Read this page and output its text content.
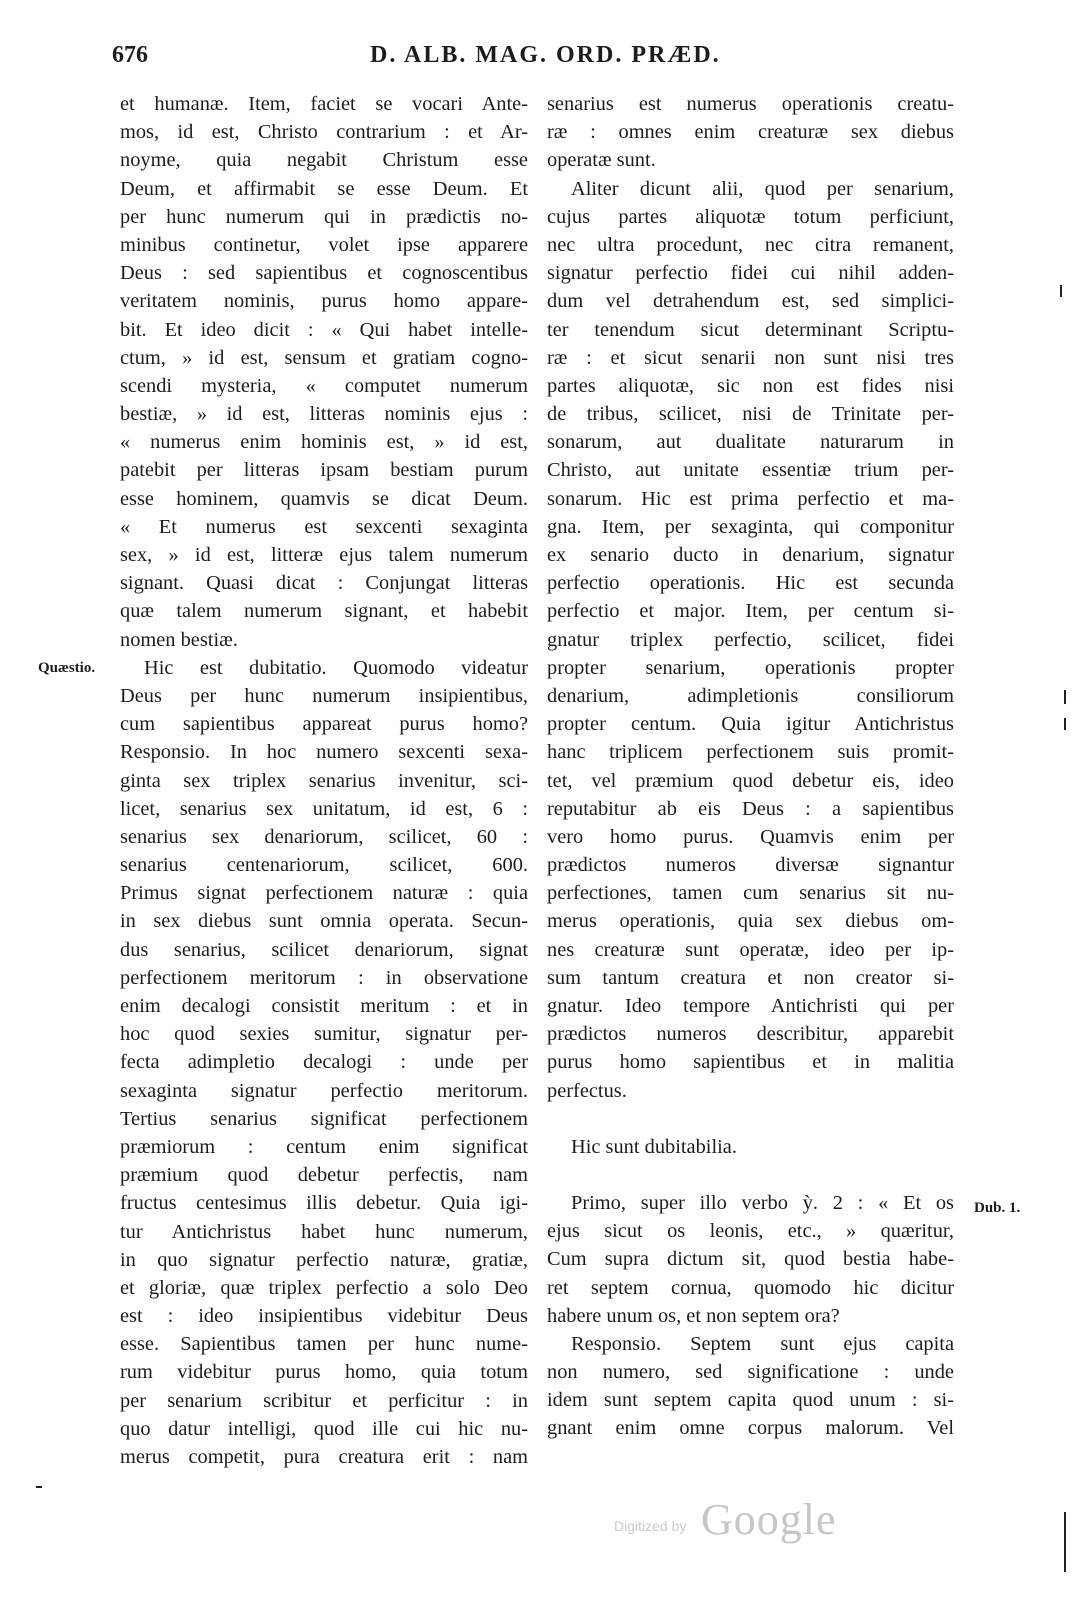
676	D. ALB. MAG. ORD. PRÆD.
Quæstio.
Dub. 1.
et humanæ. Item, faciet se vocari Ante-
mos, id est, Christo contrarium : et Ar-
noyme, quia negabit Christum esse
Deum, et affirmabit se esse Deum. Et
per hunc numerum qui in prædictis no-
minibus continetur, volet ipse apparere
Deus : sed sapientibus et cognoscentibus
veritatem nominis, purus homo appare-
bit. Et ideo dicit : « Qui habet intelle-
ctum, » id est, sensum et gratiam cogno-
scendi mysteria, « computet numerum
bestiæ, » id est, litteras nominis ejus :
« numerus enim hominis est, » id est,
patebit per litteras ipsam bestiam purum
esse hominem, quamvis se dicat Deum.
« Et numerus est sexcenti sexaginta
sex, » id est, litteræ ejus talem numerum
signant. Quasi dicat : Conjungat litteras
quæ talem numerum signant, et habebit
nomen bestiæ.
Hic est dubitatio. Quomodo videatur
Deus per hunc numerum insipientibus,
cum sapientibus appareat purus homo?
Responsio. In hoc numero sexcenti sexa-
ginta sex triplex senarius invenitur, sci-
licet, senarius sex unitatum, id est, 6 :
senarius sex denariorum, scilicet, 60 :
senarius centenariorum, scilicet, 600.
Primus signat perfectionem naturæ : quia
in sex diebus sunt omnia operata. Secun-
dus senarius, scilicet denariorum, signat
perfectionem meritorum : in observatione
enim decalogi consistit meritum : et in
hoc quod sexies sumitur, signatur per-
fecta adimpletio decalogi : unde per
sexaginta signatur perfectio meritorum.
Tertius senarius significat perfectionem
præmiorum : centum enim significat
præmium quod debetur perfectis, nam
fructus centesimus illis debetur. Quia igi-
tur Antichristus habet hunc numerum,
in quo signatur perfectio naturæ, gratiæ,
et gloriæ, quæ triplex perfectio a solo Deo
est : ideo insipientibus videbitur Deus
esse. Sapientibus tamen per hunc nume-
rum videbitur purus homo, quia totum
per senarium scribitur et perficitur : in
quo datur intelligi, quod ille cui hic nu-
merus competit, pura creatura erit : nam
senarius est numerus operationis creatu-
ræ : omnes enim creaturæ sex diebus
operatæ sunt.
Aliter dicunt alii, quod per senarium,
cujus partes aliquotæ totum perficiunt,
nec ultra procedunt, nec citra remanent,
signatur perfectio fidei cui nihil adden-
dum vel detrahendum est, sed simplici-
ter tenendum sicut determinant Scriptu-
ræ : et sicut senarii non sunt nisi tres
partes aliquotæ, sic non est fides nisi
de tribus, scilicet, nisi de Trinitate per-
sonarum, aut dualitate naturarum in
Christo, aut unitate essentiæ trium per-
sonarum. Hic est prima perfectio et ma-
gna. Item, per sexaginta, qui componitur
ex senario ducto in denarium, signatur
perfectio operationis. Hic est secunda
perfectio et major. Item, per centum si-
gnatur triplex perfectio, scilicet, fidei
propter senarium, operationis propter
denarium, adimpletionis consiliorum
propter centum. Quia igitur Antichristus
hanc triplicem perfectionem suis promit-
tet, vel præmium quod debetur eis, ideo
reputabitur ab eis Deus : a sapientibus
vero homo purus. Quamvis enim per
prædictos numeros diversæ signantur
perfectiones, tamen cum senarius sit nu-
merus operationis, quia sex diebus om-
nes creaturæ sunt operatæ, ideo per ip-
sum tantum creatura et non creator si-
gnatur. Ideo tempore Antichristi qui per
prædictos numeros describitur, apparebit
purus homo sapientibus et in malitia
perfectus.
Hic sunt dubitabilia.
Primo, super illo verbo ỳ. 2 : « Et os
ejus sicut os leonis, etc., » quæritur,
Cum supra dictum sit, quod bestia habe-
ret septem cornua, quomodo hic dicitur
habere unum os, et non septem ora?
Responsio. Septem sunt ejus capita
non numero, sed significatione : unde
idem sunt septem capita quod unum : si-
gnant enim omne corpus malorum. Vel
Digitized by Google
